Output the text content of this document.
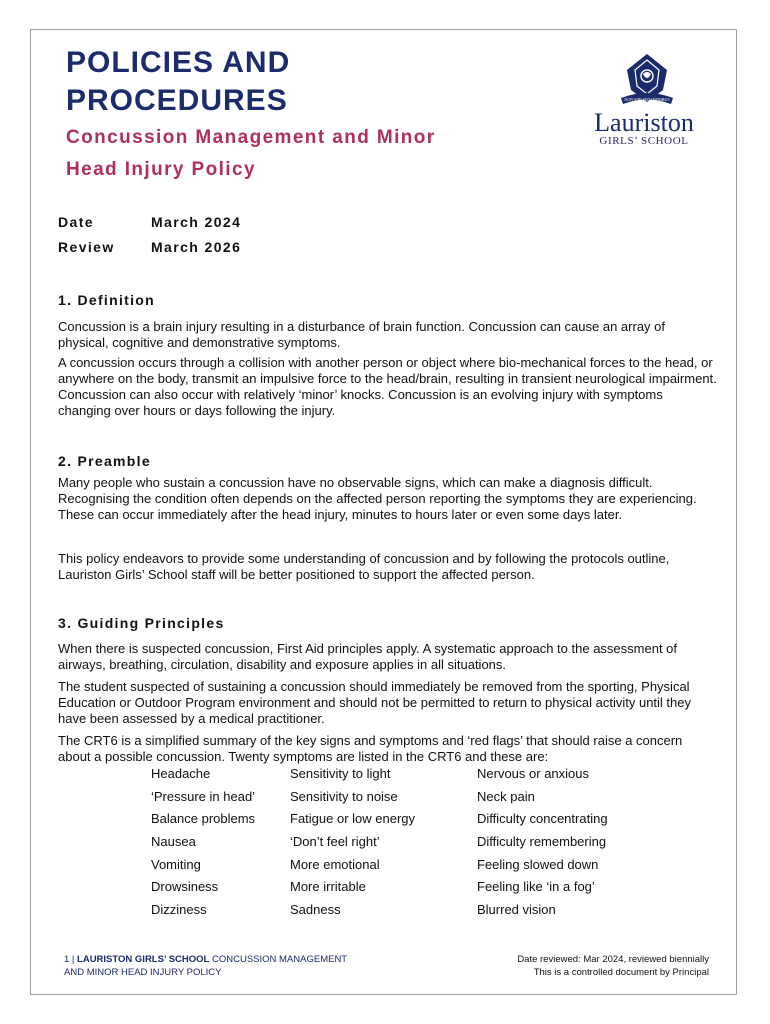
POLICIES AND
PROCEDURES
Concussion Management and Minor
Head Injury Policy
NON SIBI SED OMNIBUS
Lauriston
GIRLS’ SCHOOL
Date	March 2024
Review	March 2026
1. Definition

Concussion is a brain injury resulting in a disturbance of brain function. Concussion can cause an array of physical, cognitive and demonstrative symptoms.

A concussion occurs through a collision with another person or object where bio-mechanical forces to the head, or anywhere on the body, transmit an impulsive force to the head/brain, resulting in transient neurological impairment. Concussion can also occur with relatively ‘minor’ knocks. Concussion is an evolving injury with symptoms changing over hours or days following the injury.

2. Preamble

Many people who sustain a concussion have no observable signs, which can make a diagnosis difficult. Recognising the condition often depends on the affected person reporting the symptoms they are experiencing. These can occur immediately after the head injury, minutes to hours later or even some days later.

This policy endeavors to provide some understanding of concussion and by following the protocols outline, Lauriston Girls’ School staff will be better positioned to support the affected person.

3. Guiding Principles

When there is suspected concussion, First Aid principles apply. A systematic approach to the assessment of airways, breathing, circulation, disability and exposure applies in all situations.

The student suspected of sustaining a concussion should immediately be removed from the sporting, Physical Education or Outdoor Program environment and should not be permitted to return to physical activity until they have been assessed by a medical practitioner.

The CRT6 is a simplified summary of the key signs and symptoms and ‘red flags’ that should raise a concern about a possible concussion. Twenty symptoms are listed in the CRT6 and these are:

Headache	Sensitivity to light	Nervous or anxious
‘Pressure in head’	Sensitivity to noise	Neck pain
Balance problems	Fatigue or low energy	Difficulty concentrating
Nausea	‘Don’t feel right’	Difficulty remembering
Vomiting	More emotional	Feeling slowed down
Drowsiness	More irritable	Feeling like ‘in a fog’
Dizziness	Sadness	Blurred vision
1 | LAURISTON GIRLS’ SCHOOL CONCUSSION MANAGEMENT
AND MINOR HEAD INJURY POLICY
Date reviewed: Mar 2024, reviewed biennially
This is a controlled document by Principal
